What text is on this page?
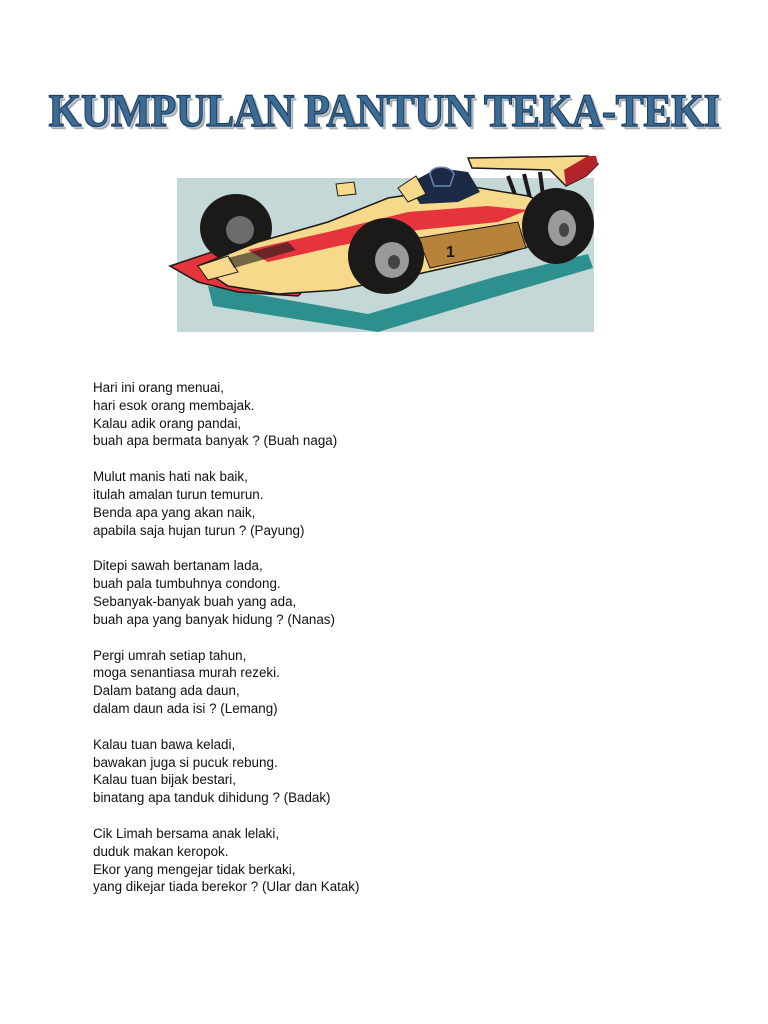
KUMPULAN PANTUN TEKA-TEKI
1
Hari ini orang menuai,
hari esok orang membajak.
Kalau adik orang pandai,
buah apa bermata banyak ? (Buah naga)
Mulut manis hati nak baik,
itulah amalan turun temurun.
Benda apa yang akan naik,
apabila saja hujan turun ? (Payung)
Ditepi sawah bertanam lada,
buah pala tumbuhnya condong.
Sebanyak-banyak buah yang ada,
buah apa yang banyak hidung ? (Nanas)
Pergi umrah setiap tahun,
moga senantiasa murah rezeki.
Dalam batang ada daun,
dalam daun ada isi ? (Lemang)
Kalau tuan bawa keladi,
bawakan juga si pucuk rebung.
Kalau tuan bijak bestari,
binatang apa tanduk dihidung ? (Badak)
Cik Limah bersama anak lelaki,
duduk makan keropok.
Ekor yang mengejar tidak berkaki,
yang dikejar tiada berekor ? (Ular dan Katak)
